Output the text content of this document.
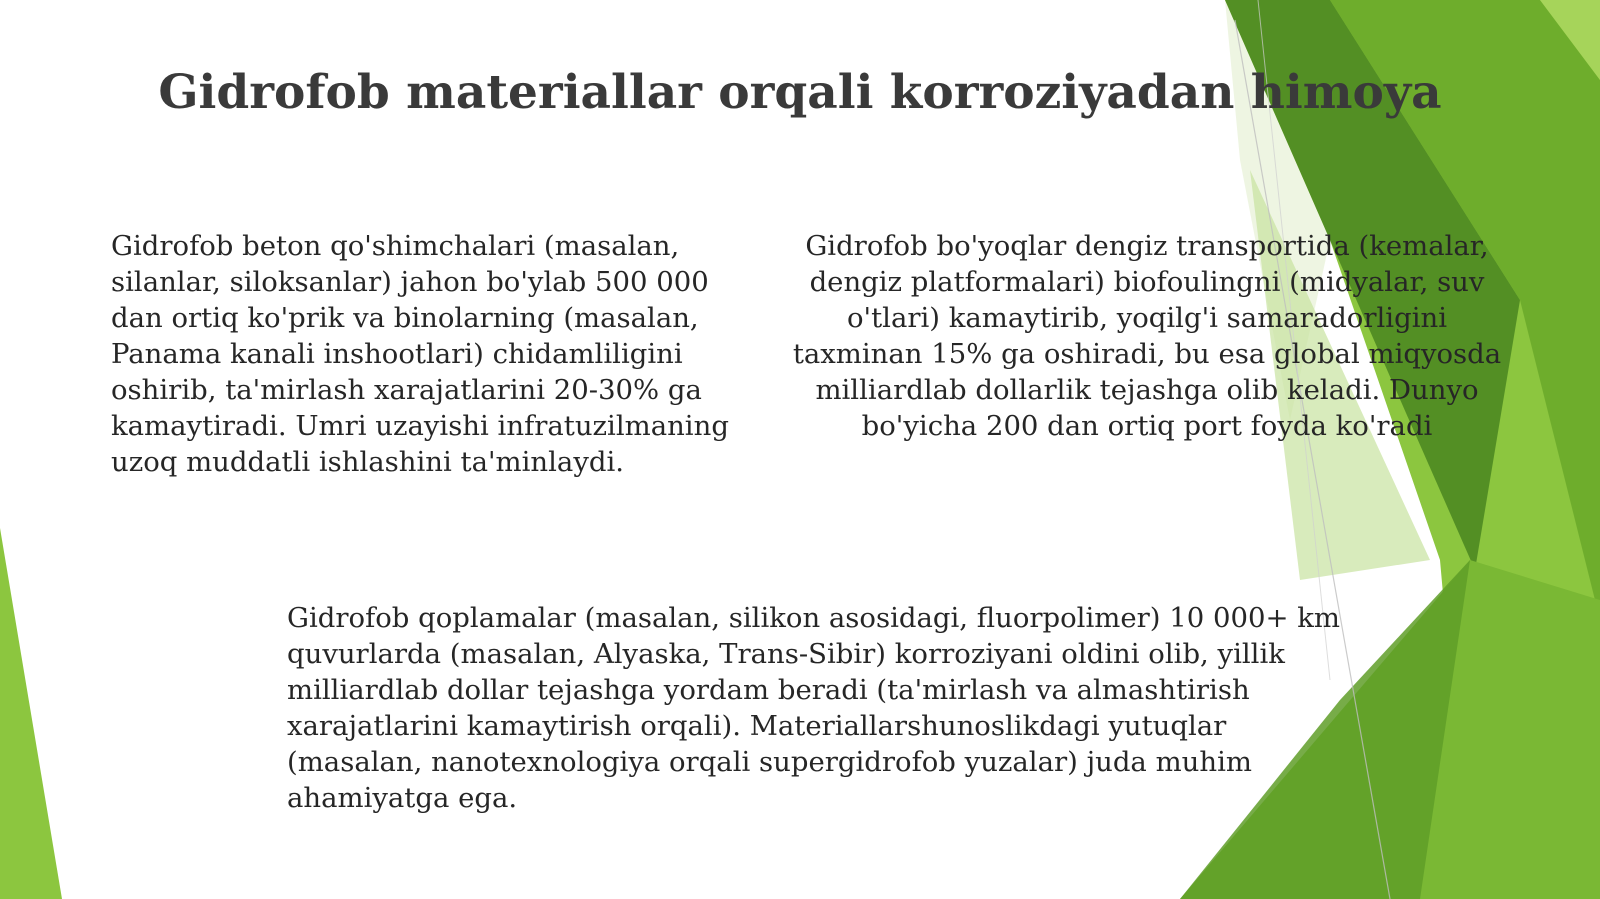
Gidrofob materiallar orqali korroziyadan himoya

Gidrofob beton qo'shimchalari (masalan, silanlar, siloksanlar) jahon bo'ylab 500 000 dan ortiq ko'prik va binolarning (masalan, Panama kanali inshootlari) chidamliligini oshirib, ta'mirlash xarajatlarini 20-30% ga kamaytiradi. Umri uzayishi infratuzilmaning uzoq muddatli ishlashini ta'minlaydi.

Gidrofob bo'yoqlar dengiz transportida (kemalar, dengiz platformalari) biofoulingni (midyalar, suv o'tlari) kamaytirib, yoqilg'i samaradorligini taxminan 15% ga oshiradi, bu esa global miqyosda milliardlab dollarlik tejashga olib keladi. Dunyo bo'yicha 200 dan ortiq port foyda ko'radi

Gidrofob qoplamalar (masalan, silikon asosidagi, fluorpolimer) 10 000+ km quvurlarda (masalan, Alyaska, Trans-Sibir) korroziyani oldini olib, yillik milliardlab dollar tejashga yordam beradi (ta'mirlash va almashtirish xarajatlarini kamaytirish orqali). Materiallarshunoslikdagi yutuqlar (masalan, nanotexnologiya orqali supergidrofob yuzalar) juda muhim ahamiyatga ega.
